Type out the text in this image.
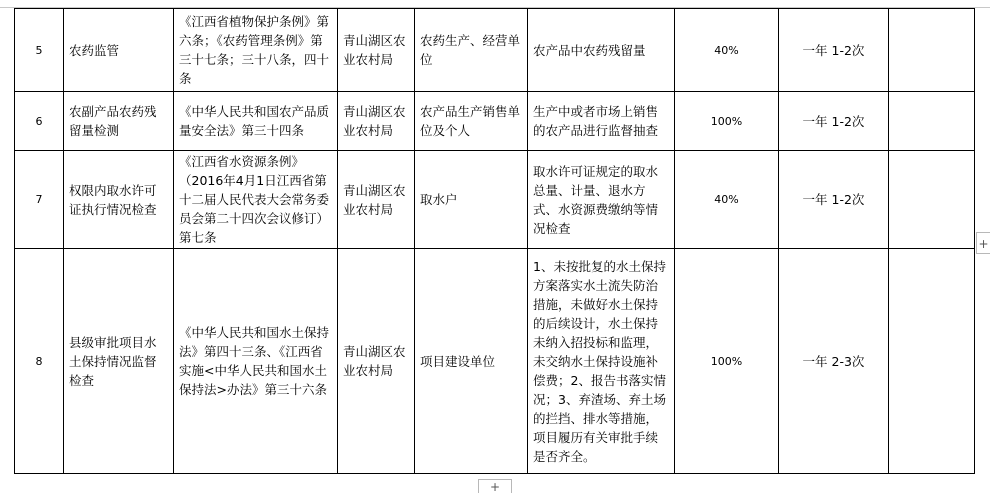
5	农药监管	《江西省植物保护条例》第六条；《农药管理条例》第三十七条；三十八条，四十条	青山湖区农业农村局	农药生产、经营单位	农产品中农药残留量	40%	一年 1-2次	
6	农副产品农药残留量检测	《中华人民共和国农产品质量安全法》第三十四条	青山湖区农业农村局	农产品生产销售单位及个人	生产中或者市场上销售的农产品进行监督抽查	100%	一年 1-2次	
7	权限内取水许可证执行情况检查	《江西省水资源条例》（2016年4月1日江西省第十二届人民代表大会常务委员会第二十四次会议修订）第七条	青山湖区农业农村局	取水户	取水许可证规定的取水总量、计量、退水方式、水资源费缴纳等情况检查	40%	一年 1-2次	
8	县级审批项目水土保持情况监督检查	《中华人民共和国水土保持法》第四十三条、《江西省实施<中华人民共和国水土保持法>办法》第三十六条	青山湖区农业农村局	项目建设单位	1、未按批复的水土保持方案落实水土流失防治措施，未做好水土保持的后续设计，水土保持未纳入招投标和监理，未交纳水土保持设施补偿费；2、报告书落实情况；3、弃渣场、弃土场的拦挡、排水等措施，项目履历有关审批手续是否齐全。	100%	一年 2-3次	
+
+
